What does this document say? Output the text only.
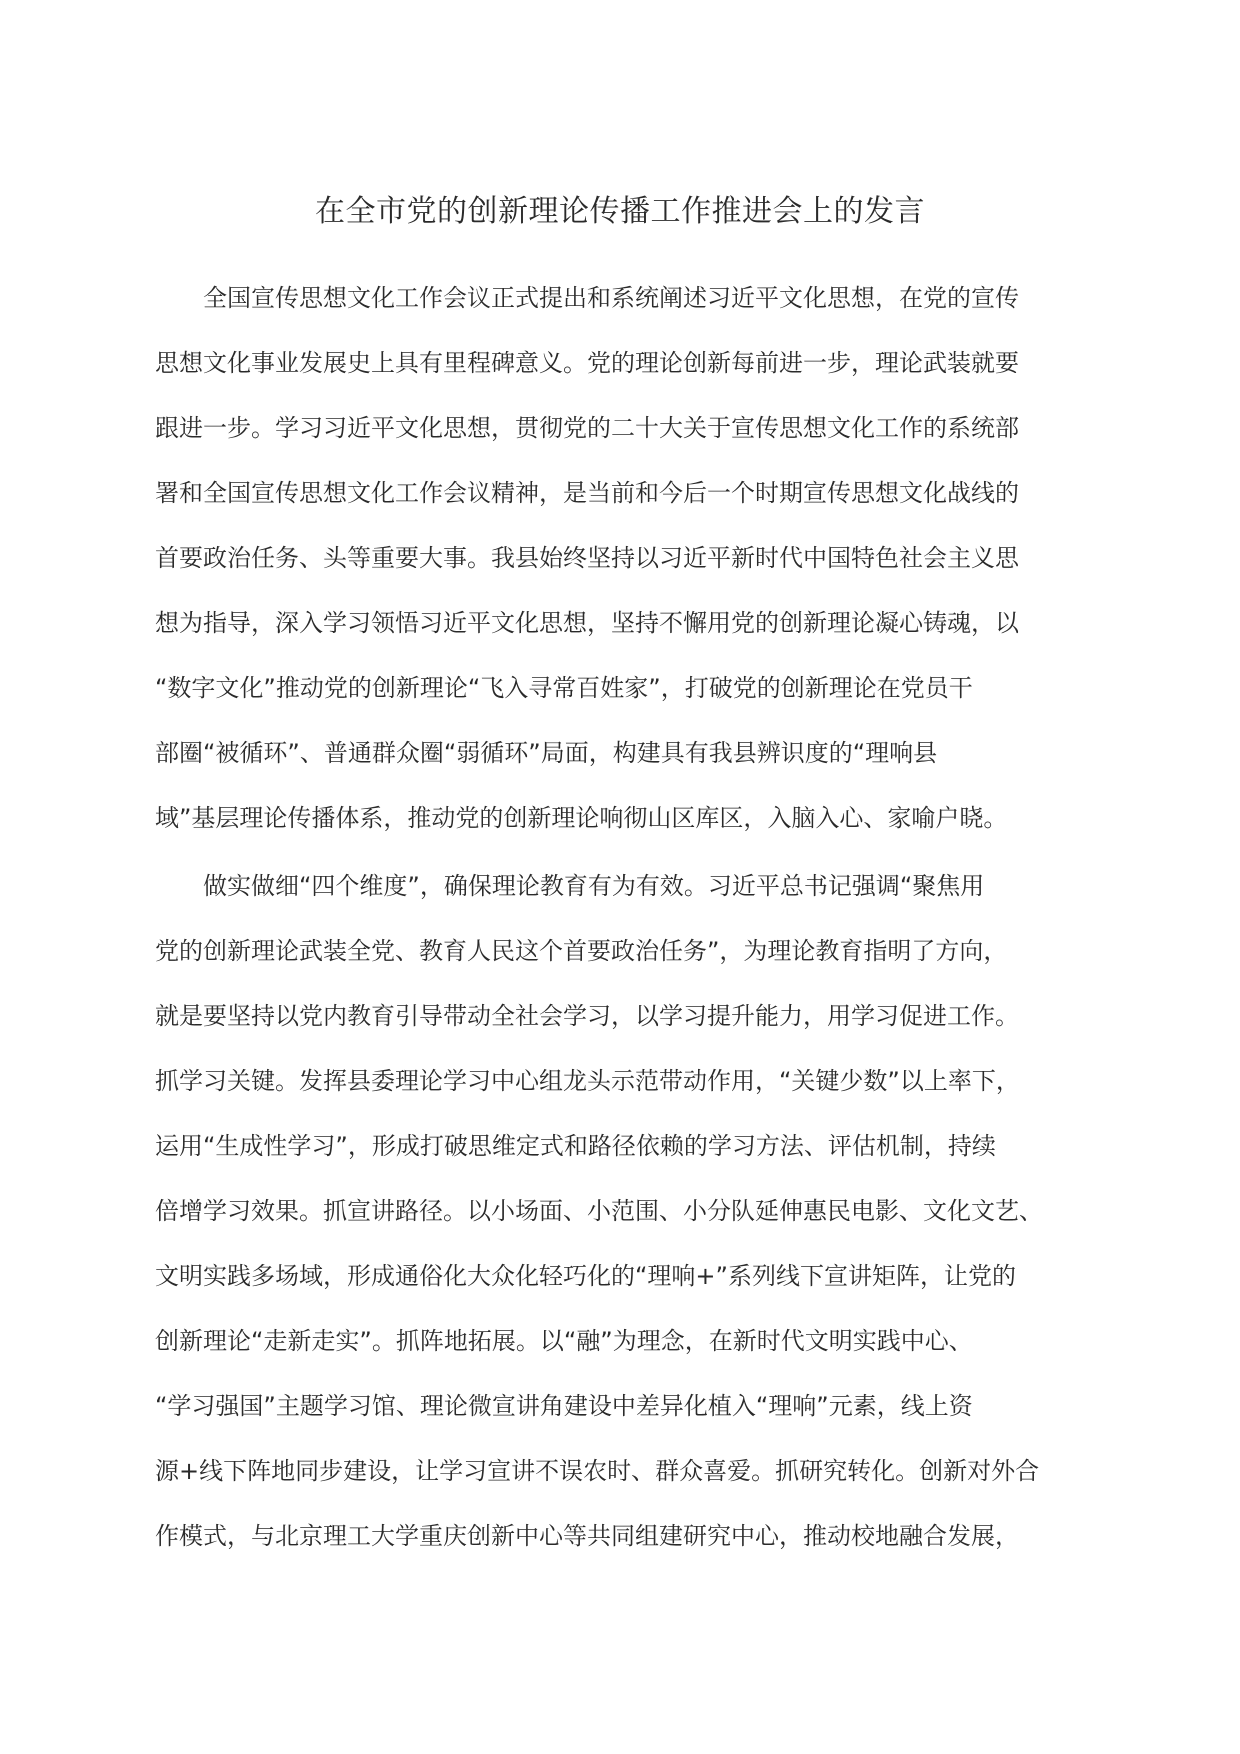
在全市党的创新理论传播工作推进会上的发言

全国宣传思想文化工作会议正式提出和系统阐述习近平文化思想，在党的宣传
思想文化事业发展史上具有里程碑意义。党的理论创新每前进一步，理论武装就要
跟进一步。学习习近平文化思想，贯彻党的二十大关于宣传思想文化工作的系统部
署和全国宣传思想文化工作会议精神，是当前和今后一个时期宣传思想文化战线的
首要政治任务、头等重要大事。我县始终坚持以习近平新时代中国特色社会主义思
想为指导，深入学习领悟习近平文化思想，坚持不懈用党的创新理论凝心铸魂，以
“数字文化”推动党的创新理论“飞入寻常百姓家”，打破党的创新理论在党员干
部圈“被循环”、普通群众圈“弱循环”局面，构建具有我县辨识度的“理响县
域”基层理论传播体系，推动党的创新理论响彻山区库区，入脑入心、家喻户晓。

做实做细“四个维度”，确保理论教育有为有效。习近平总书记强调“聚焦用
党的创新理论武装全党、教育人民这个首要政治任务”，为理论教育指明了方向，
就是要坚持以党内教育引导带动全社会学习，以学习提升能力，用学习促进工作。
抓学习关键。发挥县委理论学习中心组龙头示范带动作用，“关键少数”以上率下，
运用“生成性学习”，形成打破思维定式和路径依赖的学习方法、评估机制，持续
倍增学习效果。抓宣讲路径。以小场面、小范围、小分队延伸惠民电影、文化文艺、
文明实践多场域，形成通俗化大众化轻巧化的“理响+”系列线下宣讲矩阵，让党的
创新理论“走新走实”。抓阵地拓展。以“融”为理念，在新时代文明实践中心、
“学习强国”主题学习馆、理论微宣讲角建设中差异化植入“理响”元素，线上资
源+线下阵地同步建设，让学习宣讲不误农时、群众喜爱。抓研究转化。创新对外合
作模式，与北京理工大学重庆创新中心等共同组建研究中心，推动校地融合发展，
